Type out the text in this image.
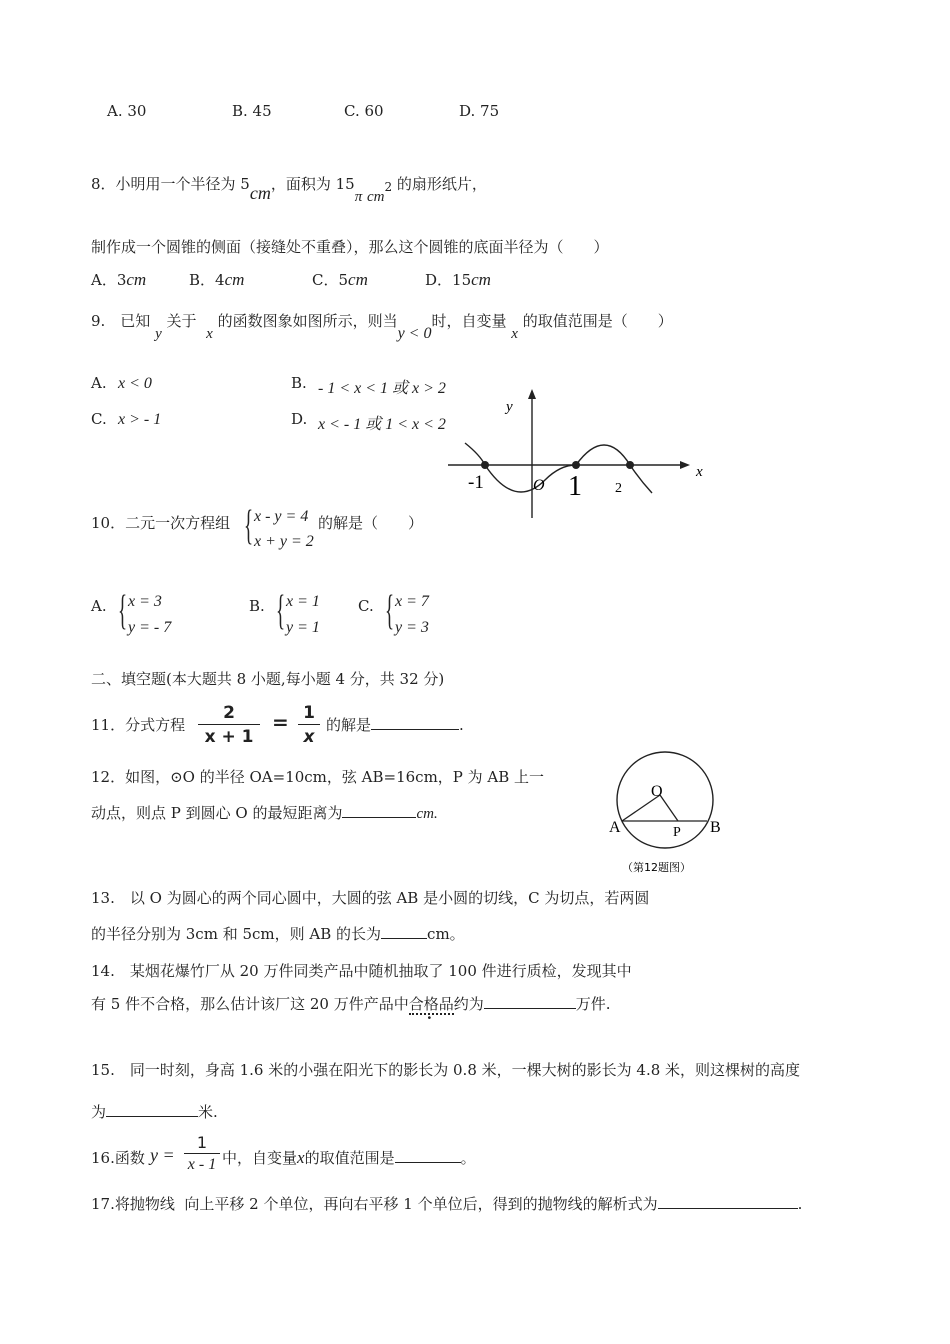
A. 30	B. 45	C. 60	D. 75
8．小明用一个半径为 5cm，面积为 15π $cm^2$ 的扇形纸片，
制作成一个圆锥的侧面（接缝处不重叠），那么这个圆锥的底面半径为（　　）
A．3cm	B．4cm	C．5cm	D．15cm
9.　已知 y 关于  x 的函数图象如图所示，则当y < 0时，自变量 x 的取值范围是（　　）
A. x < 0	B. - 1 < x < 1 或 x > 2
C. x > - 1	D. x < - 1 或 1 < x < 2
y
x
-1	O 1 2
10．二元一次方程组 { x - y = 4
x + y = 2
的解是（　　）
A. { x = 3
y = - 7
B. { x = 1
y = 1
C. { x = 7
y = 3
二、填空题(本大题共 8 小题,每小题 4 分，共 32 分)
11．分式方程 $\frac{2}{x + 1} = \frac{1}{x}$ 的解是	.
12．如图，⊙O 的半径 OA=10cm，弦 AB=16cm，P 为 AB 上一
动点，则点 P 到圆心 O 的最短距离为	cm.
O
A	P B
（第12题图）
13.　以 O 为圆心的两个同心圆中，大圆的弦 AB 是小圆的切线，C 为切点，若两圆
的半径分别为 3cm 和 5cm，则 AB 的长为	cm。
14.　某烟花爆竹厂从 20 万件同类产品中随机抽取了 100 件进行质检，发现其中
有 5 件不合格，那么估计该厂这 20 万件产品中合格品约为	万件.
15.　同一时刻，身高 1.6 米的小强在阳光下的影长为 0.8 米，一棵大树的影长为 4.8 米，则这棵树的高度
为	米.
16.函数 $y = \frac{1}{x - 1}$ 中，自变量x的取值范围是	。
17.将抛物线 向上平移 2 个单位，再向右平移 1 个单位后，得到的抛物线的解析式为	.
